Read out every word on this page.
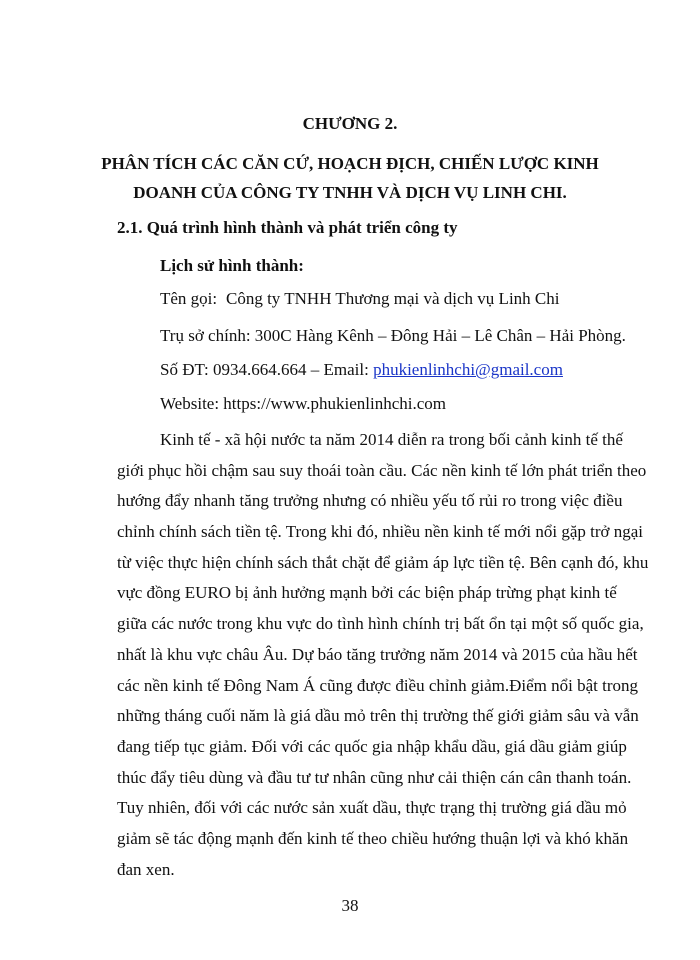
CHƯƠNG 2.
PHÂN TÍCH CÁC CĂN CỨ, HOẠCH ĐỊCH, CHIẾN LƯỢC KINH
DOANH CỦA CÔNG TY TNHH VÀ DỊCH VỤ LINH CHI.
2.1. Quá trình hình thành và phát triển công ty
Lịch sử hình thành:
Tên gọi: Công ty TNHH Thương mại và dịch vụ Linh Chi
Trụ sở chính: 300C Hàng Kênh – Đông Hải – Lê Chân – Hải Phòng.
Số ĐT: 0934.664.664 – Email: phukienlinhchi@gmail.com
Website: https://www.phukienlinhchi.com
Kinh tế - xã hội nước ta năm 2014 diễn ra trong bối cảnh kinh tế thế
giới phục hồi chậm sau suy thoái toàn cầu. Các nền kinh tế lớn phát triển theo
hướng đẩy nhanh tăng trưởng nhưng có nhiều yếu tố rủi ro trong việc điều
chỉnh chính sách tiền tệ. Trong khi đó, nhiều nền kinh tế mới nổi gặp trở ngại
từ việc thực hiện chính sách thắt chặt để giảm áp lực tiền tệ. Bên cạnh đó, khu
vực đồng EURO bị ảnh hưởng mạnh bởi các biện pháp trừng phạt kinh tế
giữa các nước trong khu vực do tình hình chính trị bất ổn tại một số quốc gia,
nhất là khu vực châu Âu. Dự báo tăng trưởng năm 2014 và 2015 của hầu hết
các nền kinh tế Đông Nam Á cũng được điều chỉnh giảm.Điểm nổi bật trong
những tháng cuối năm là giá dầu mỏ trên thị trường thế giới giảm sâu và vẫn
đang tiếp tục giảm. Đối với các quốc gia nhập khẩu dầu, giá dầu giảm giúp
thúc đẩy tiêu dùng và đầu tư tư nhân cũng như cải thiện cán cân thanh toán.
Tuy nhiên, đối với các nước sản xuất dầu, thực trạng thị trường giá dầu mỏ
giảm sẽ tác động mạnh đến kinh tế theo chiều hướng thuận lợi và khó khăn
đan xen.
38
